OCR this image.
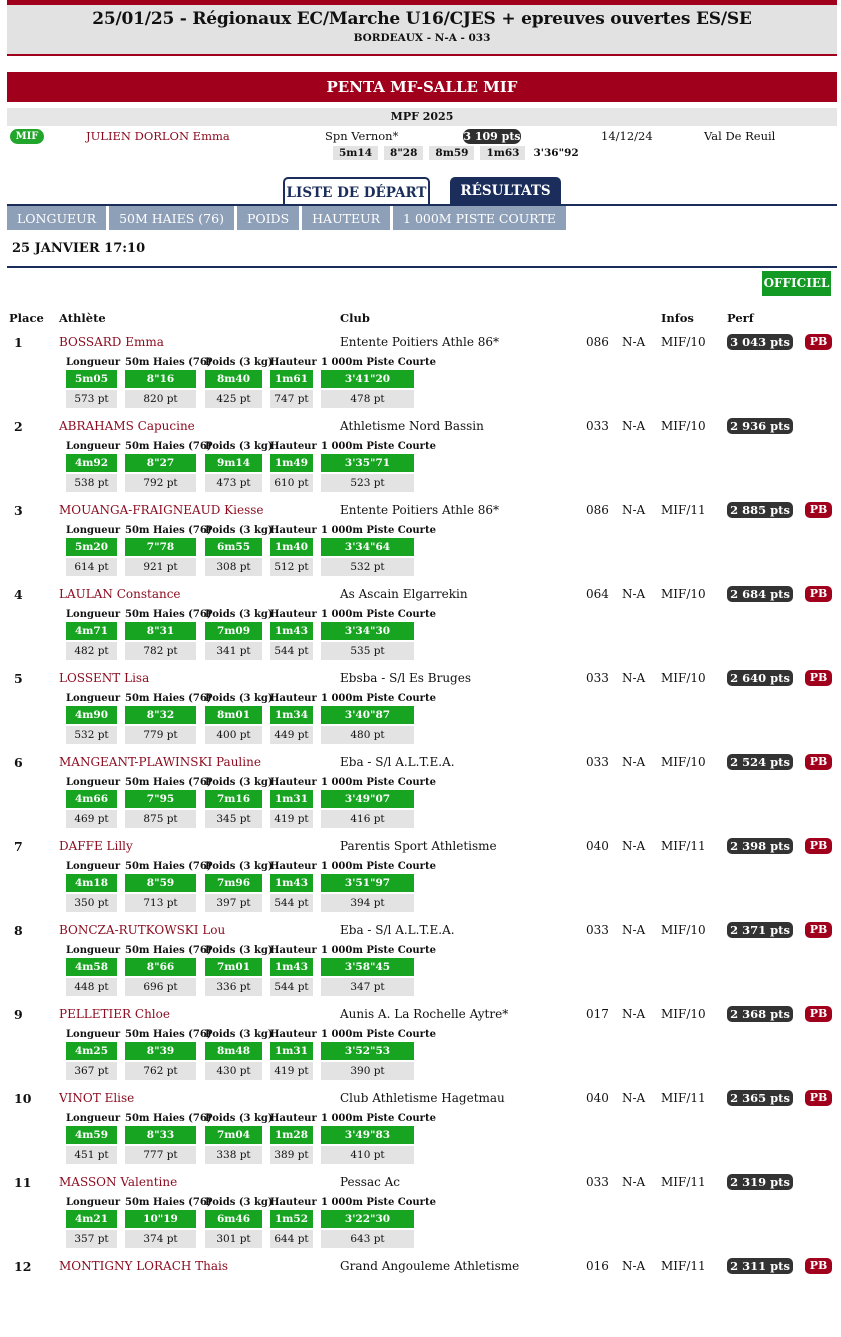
25/01/25 - Régionaux EC/Marche U16/CJES + epreuves ouvertes ES/SE
BORDEAUX - N-A - 033
PENTA MF-SALLE MIF
MPF 2025
MIF	JULIEN DORLON Emma	Spn Vernon*	3 109 pts	14/12/24	Val De Reuil
5m14	8"28	8m59	1m63	3'36"92
LISTE DE DÉPART	RÉSULTATS
LONGUEUR	50M HAIES (76)	POIDS	HAUTEUR	1 000M PISTE COURTE
25 JANVIER 17:10
OFFICIEL
Place Athlète	Club	Infos	Perf
1	BOSSARD Emma	Entente Poitiers Athle 86*	086 N-A MIF/10 3 043 pts	PB
Longueur
5m05
573 pt
50m Haies (76)
8"16
820 pt
Poids (3 kg)
8m40
425 pt
Hauteur
1m61
747 pt
1 000m Piste Courte
3'41"20
478 pt
2	ABRAHAMS Capucine	Athletisme Nord Bassin	033 N-A MIF/10 2 936 pts
Longueur
4m92
538 pt
50m Haies (76)
8"27
792 pt
Poids (3 kg)
9m14
473 pt
Hauteur
1m49
610 pt
1 000m Piste Courte
3'35"71
523 pt
3	MOUANGA-FRAIGNEAUD Kiesse	Entente Poitiers Athle 86*	086 N-A MIF/11 2 885 pts	PB
Longueur
5m20
614 pt
50m Haies (76)
7"78
921 pt
Poids (3 kg)
6m55
308 pt
Hauteur
1m40
512 pt
1 000m Piste Courte
3'34"64
532 pt
4	LAULAN Constance	As Ascain Elgarrekin	064 N-A MIF/10 2 684 pts	PB
Longueur
4m71
482 pt
50m Haies (76)
8"31
782 pt
Poids (3 kg)
7m09
341 pt
Hauteur
1m43
544 pt
1 000m Piste Courte
3'34"30
535 pt
5	LOSSENT Lisa	Ebsba - S/l Es Bruges	033 N-A MIF/10 2 640 pts	PB
Longueur
4m90
532 pt
50m Haies (76)
8"32
779 pt
Poids (3 kg)
8m01
400 pt
Hauteur
1m34
449 pt
1 000m Piste Courte
3'40"87
480 pt
6	MANGEANT-PLAWINSKI Pauline	Eba - S/l A.L.T.E.A.	033 N-A MIF/10 2 524 pts	PB
Longueur
4m66
469 pt
50m Haies (76)
7"95
875 pt
Poids (3 kg)
7m16
345 pt
Hauteur
1m31
419 pt
1 000m Piste Courte
3'49"07
416 pt
7	DAFFE Lilly	Parentis Sport Athletisme	040 N-A MIF/11 2 398 pts	PB
Longueur
4m18
350 pt
50m Haies (76)
8"59
713 pt
Poids (3 kg)
7m96
397 pt
Hauteur
1m43
544 pt
1 000m Piste Courte
3'51"97
394 pt
8	BONCZA-RUTKOWSKI Lou	Eba - S/l A.L.T.E.A.	033 N-A MIF/10 2 371 pts	PB
Longueur
4m58
448 pt
50m Haies (76)
8"66
696 pt
Poids (3 kg)
7m01
336 pt
Hauteur
1m43
544 pt
1 000m Piste Courte
3'58"45
347 pt
9	PELLETIER Chloe	Aunis A. La Rochelle Aytre*	017 N-A MIF/10 2 368 pts	PB
Longueur
4m25
367 pt
50m Haies (76)
8"39
762 pt
Poids (3 kg)
8m48
430 pt
Hauteur
1m31
419 pt
1 000m Piste Courte
3'52"53
390 pt
10 VINOT Elise	Club Athletisme Hagetmau	040 N-A MIF/11 2 365 pts	PB
Longueur
4m59
451 pt
50m Haies (76)
8"33
777 pt
Poids (3 kg)
7m04
338 pt
Hauteur
1m28
389 pt
1 000m Piste Courte
3'49"83
410 pt
11 MASSON Valentine	Pessac Ac	033 N-A MIF/11 2 319 pts
Longueur
4m21
357 pt
50m Haies (76)
10"19
374 pt
Poids (3 kg)
6m46
301 pt
Hauteur
1m52
644 pt
1 000m Piste Courte
3'22"30
643 pt
12 MONTIGNY LORACH Thais	Grand Angouleme Athletisme	016 N-A MIF/11 2 311 pts	PB
